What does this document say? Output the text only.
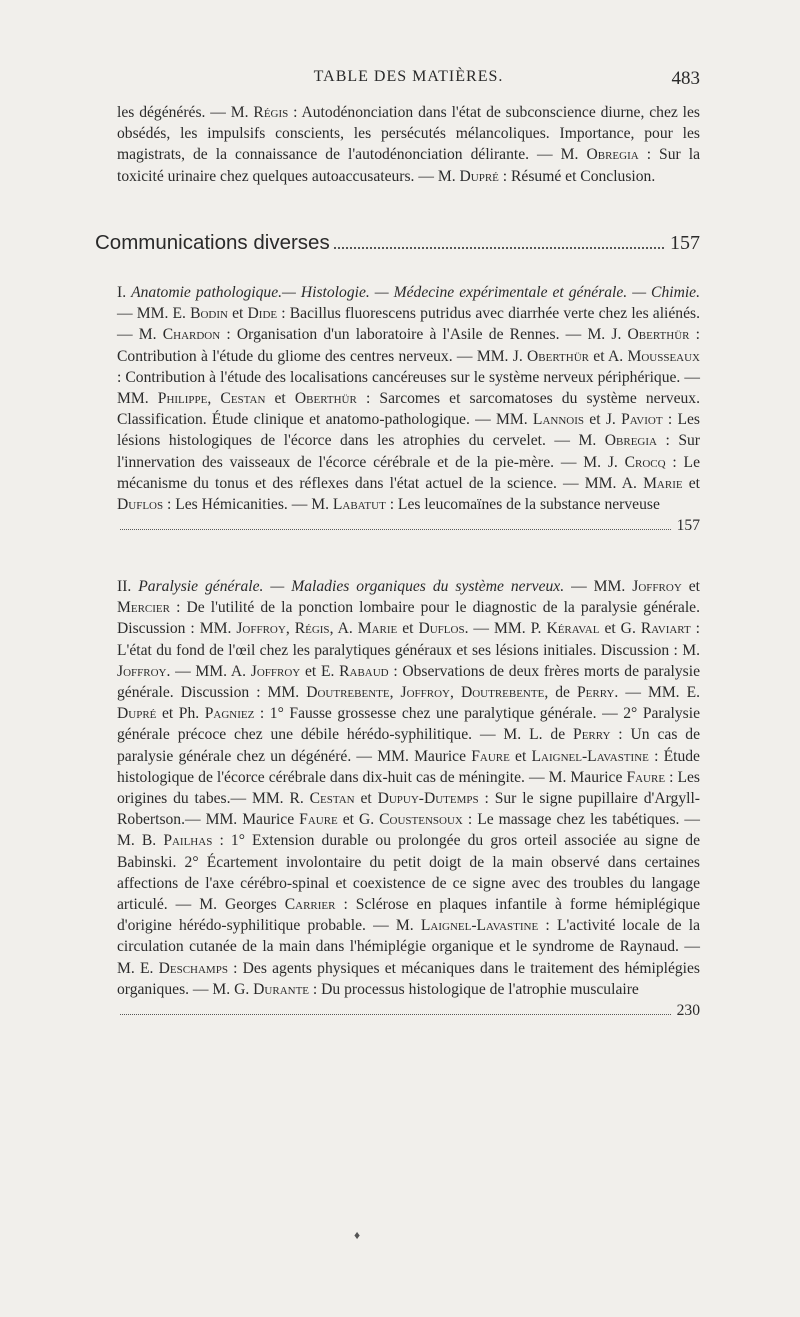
TABLE DES MATIÈRES.	483
les dégénérés. — M. Régis : Autodénonciation dans l'état de subconscience diurne, chez les obsédés, les impulsifs conscients, les persécutés mélancoliques. Importance, pour les magistrats, de la connaissance de l'autodénonciation délirante. — M. Obregia : Sur la toxicité urinaire chez quelques autoaccusateurs. — M. Dupré : Résumé et Conclusion.
Communications diverses	157
I. Anatomie pathologique.— Histologie. — Médecine expérimentale et générale. — Chimie. — MM. E. Bodin et Dide : Bacillus fluorescens putridus avec diarrhée verte chez les aliénés. — M. Chardon : Organisation d'un laboratoire à l'Asile de Rennes. — M. J. Oberthür : Contribution à l'étude du gliome des centres nerveux. — MM. J. Oberthür et A. Mousseaux : Contribution à l'étude des localisations cancéreuses sur le système nerveux périphérique. — MM. Philippe, Cestan et Oberthür : Sarcomes et sarcomatoses du système nerveux. Classification. Étude clinique et anatomo-pathologique. — MM. Lannois et J. Paviot : Les lésions histologiques de l'écorce dans les atrophies du cervelet. — M. Obregia : Sur l'innervation des vaisseaux de l'écorce cérébrale et de la pie-mère. — M. J. Crocq : Le mécanisme du tonus et des réflexes dans l'état actuel de la science. — MM. A. Marie et Duflos : Les Hémicanities. — M. Labatut : Les leucomaïnes de la substance nerveuse
157
II. Paralysie générale. — Maladies organiques du système nerveux. — MM. Joffroy et Mercier : De l'utilité de la ponction lombaire pour le diagnostic de la paralysie générale. Discussion : MM. Joffroy, Régis, A. Marie et Duflos. — MM. P. Kéraval et G. Raviart : L'état du fond de l'œil chez les paralytiques généraux et ses lésions initiales. Discussion : M. Joffroy. — MM. A. Joffroy et E. Rabaud : Observations de deux frères morts de paralysie générale. Discussion : MM. Doutrebente, Joffroy, Doutrebente, de Perry. — MM. E. Dupré et Ph. Pagniez : 1° Fausse grossesse chez une paralytique générale. — 2° Paralysie générale précoce chez une débile hérédo-syphilitique. — M. L. de Perry : Un cas de paralysie générale chez un dégénéré. — MM. Maurice Faure et Laignel-Lavastine : Étude histologique de l'écorce cérébrale dans dix-huit cas de méningite. — M. Maurice Faure : Les origines du tabes.— MM. R. Cestan et Dupuy-Dutemps : Sur le signe pupillaire d'Argyll-Robertson.— MM. Maurice Faure et G. Coustensoux : Le massage chez les tabétiques. — M. B. Pailhas : 1° Extension durable ou prolongée du gros orteil associée au signe de Babinski. 2° Écartement involontaire du petit doigt de la main observé dans certaines affections de l'axe cérébro-spinal et coexistence de ce signe avec des troubles du langage articulé. — M. Georges Carrier : Sclérose en plaques infantile à forme hémiplégique d'origine hérédo-syphilitique probable. — M. Laignel-Lavastine : L'activité locale de la circulation cutanée de la main dans l'hémiplégie organique et le syndrome de Raynaud. — M. E. Deschamps : Des agents physiques et mécaniques dans le traitement des hémiplégies organiques. — M. G. Durante : Du processus histologique de l'atrophie musculaire
230
♦
